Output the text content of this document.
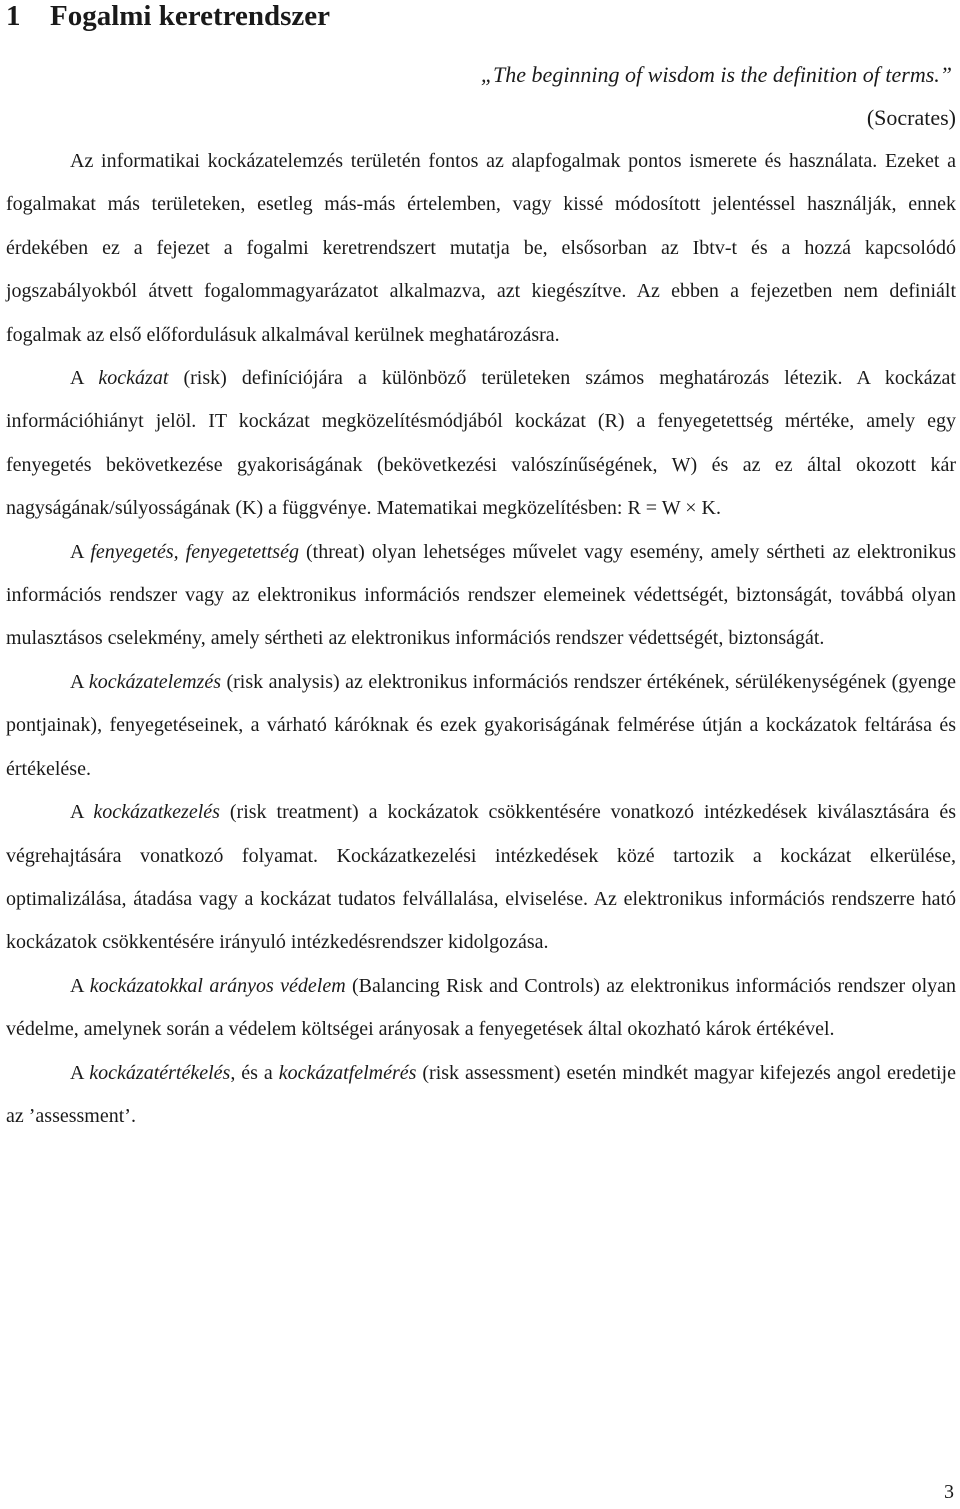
1 Fogalmi keretrendszer

„The beginning of wisdom is the definition of terms.”

(Socrates)

Az informatikai kockázatelemzés területén fontos az alapfogalmak pontos ismerete és használata. Ezeket a fogalmakat más területeken, esetleg más-más értelemben, vagy kissé módosított jelentéssel használják, ennek érdekében ez a fejezet a fogalmi keretrendszert mutatja be, elsősorban az Ibtv-t és a hozzá kapcsolódó jogszabályokból átvett fogalommagyarázatot alkalmazva, azt kiegészítve. Az ebben a fejezetben nem definiált fogalmak az első előfordulásuk alkalmával kerülnek meghatározásra.

A kockázat (risk) definíciójára a különböző területeken számos meghatározás létezik. A kockázat információhiányt jelöl. IT kockázat megközelítésmódjából kockázat (R) a fenyegetettség mértéke, amely egy fenyegetés bekövetkezése gyakoriságának (bekövetkezési valószínűségének, W) és az ez által okozott kár nagyságának/súlyosságának (K) a függvénye. Matematikai megközelítésben: R = W × K.

A fenyegetés, fenyegetettség (threat) olyan lehetséges művelet vagy esemény, amely sértheti az elektronikus információs rendszer vagy az elektronikus információs rendszer elemeinek védettségét, biztonságát, továbbá olyan mulasztásos cselekmény, amely sértheti az elektronikus információs rendszer védettségét, biztonságát.

A kockázatelemzés (risk analysis) az elektronikus információs rendszer értékének, sérülékenységének (gyenge pontjainak), fenyegetéseinek, a várható káróknak és ezek gyakoriságának felmérése útján a kockázatok feltárása és értékelése.

A kockázatkezelés (risk treatment) a kockázatok csökkentésére vonatkozó intézkedések kiválasztására és végrehajtására vonatkozó folyamat. Kockázatkezelési intézkedések közé tartozik a kockázat elkerülése, optimalizálása, átadása vagy a kockázat tudatos felvállalása, elviselése. Az elektronikus információs rendszerre ható kockázatok csökkentésére irányuló intézkedésrendszer kidolgozása.

A kockázatokkal arányos védelem (Balancing Risk and Controls) az elektronikus információs rendszer olyan védelme, amelynek során a védelem költségei arányosak a fenyegetések által okozható károk értékével.

A kockázatértékelés, és a kockázatfelmérés (risk assessment) esetén mindkét magyar kifejezés angol eredetije az ’assessment’.

3
